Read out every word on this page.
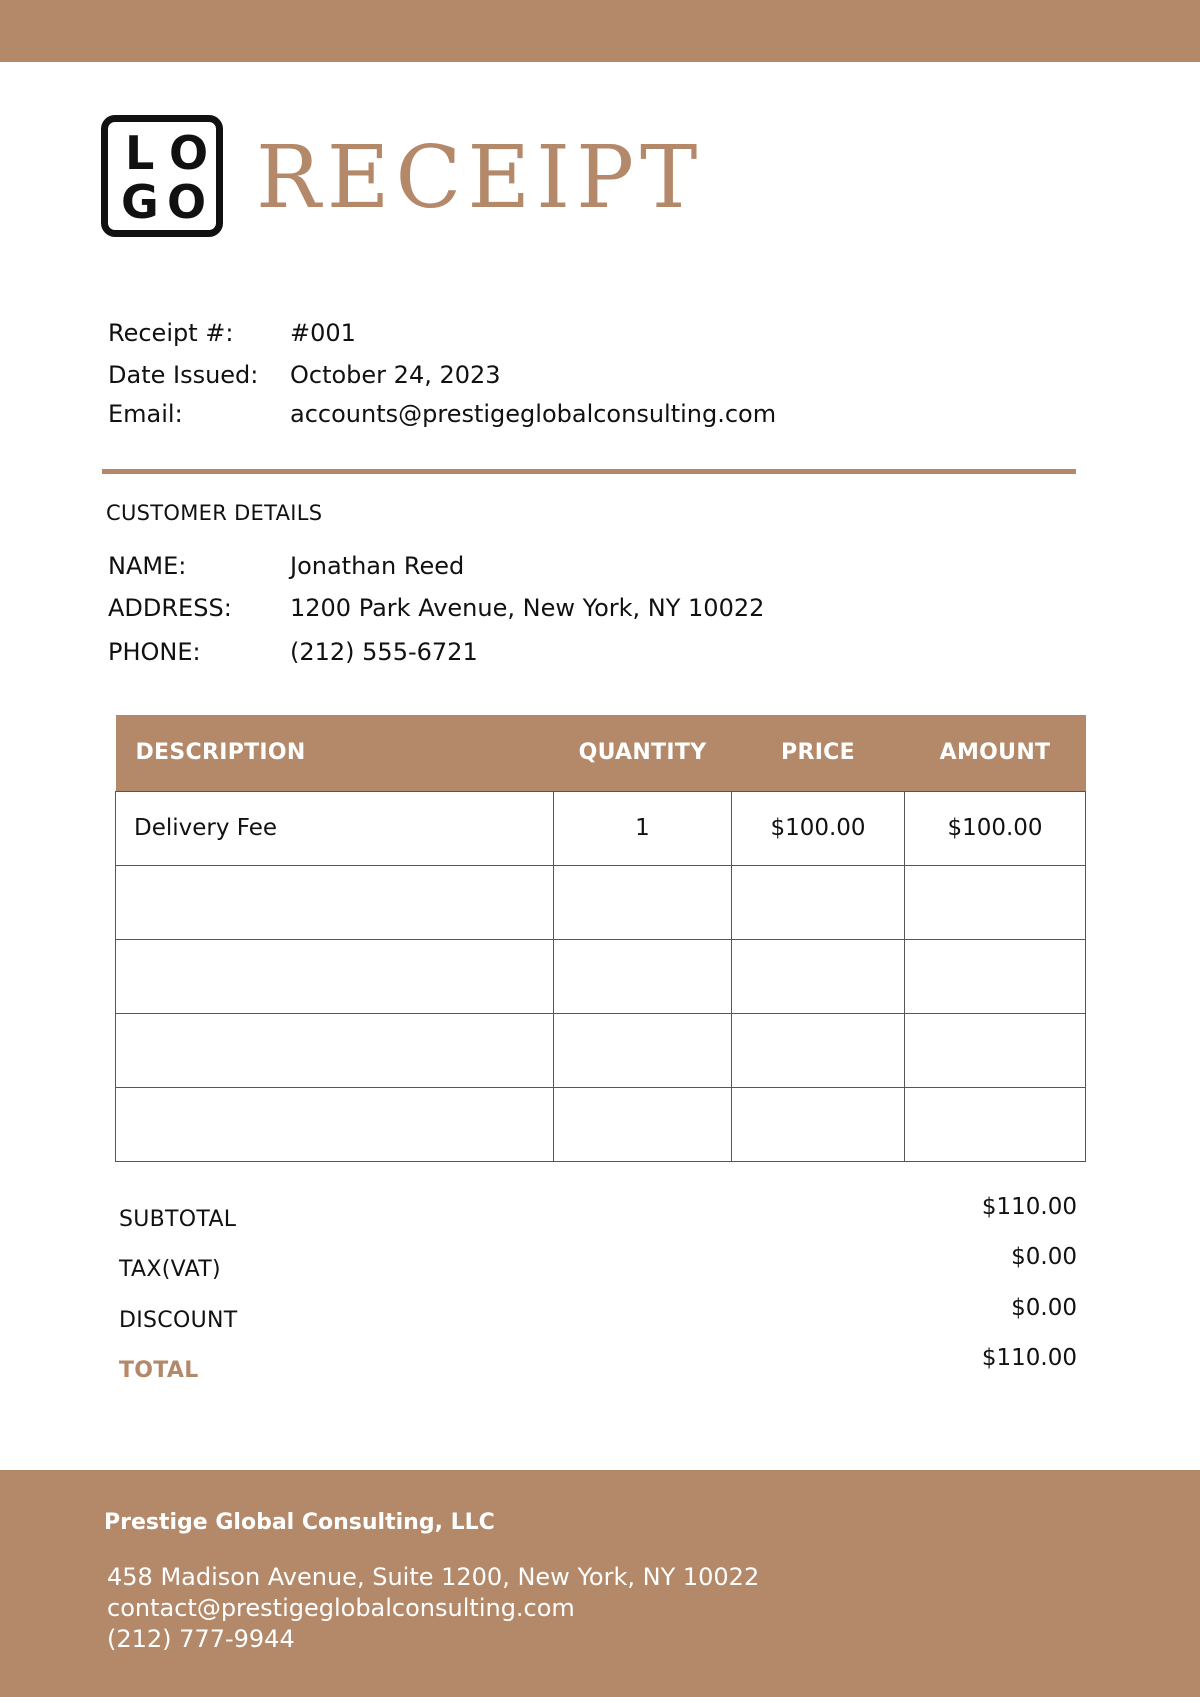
L O
G O RECEIPT
Receipt #: #001
Date Issued: October 24, 2023
Email:	accounts@prestigeglobalconsulting.com
CUSTOMER DETAILS
NAME:	Jonathan Reed
ADDRESS: 1200 Park Avenue, New York, NY 10022
PHONE:	(212) 555-6721
DESCRIPTION	QUANTITY	PRICE	AMOUNT
Delivery Fee	1	$100.00	$100.00

SUBTOTAL	$110.00
TAX(VAT)	$0.00
DISCOUNT	$0.00
TOTAL	$110.00
Prestige Global Consulting, LLC
458 Madison Avenue, Suite 1200, New York, NY 10022
contact@prestigeglobalconsulting.com
(212) 777-9944
